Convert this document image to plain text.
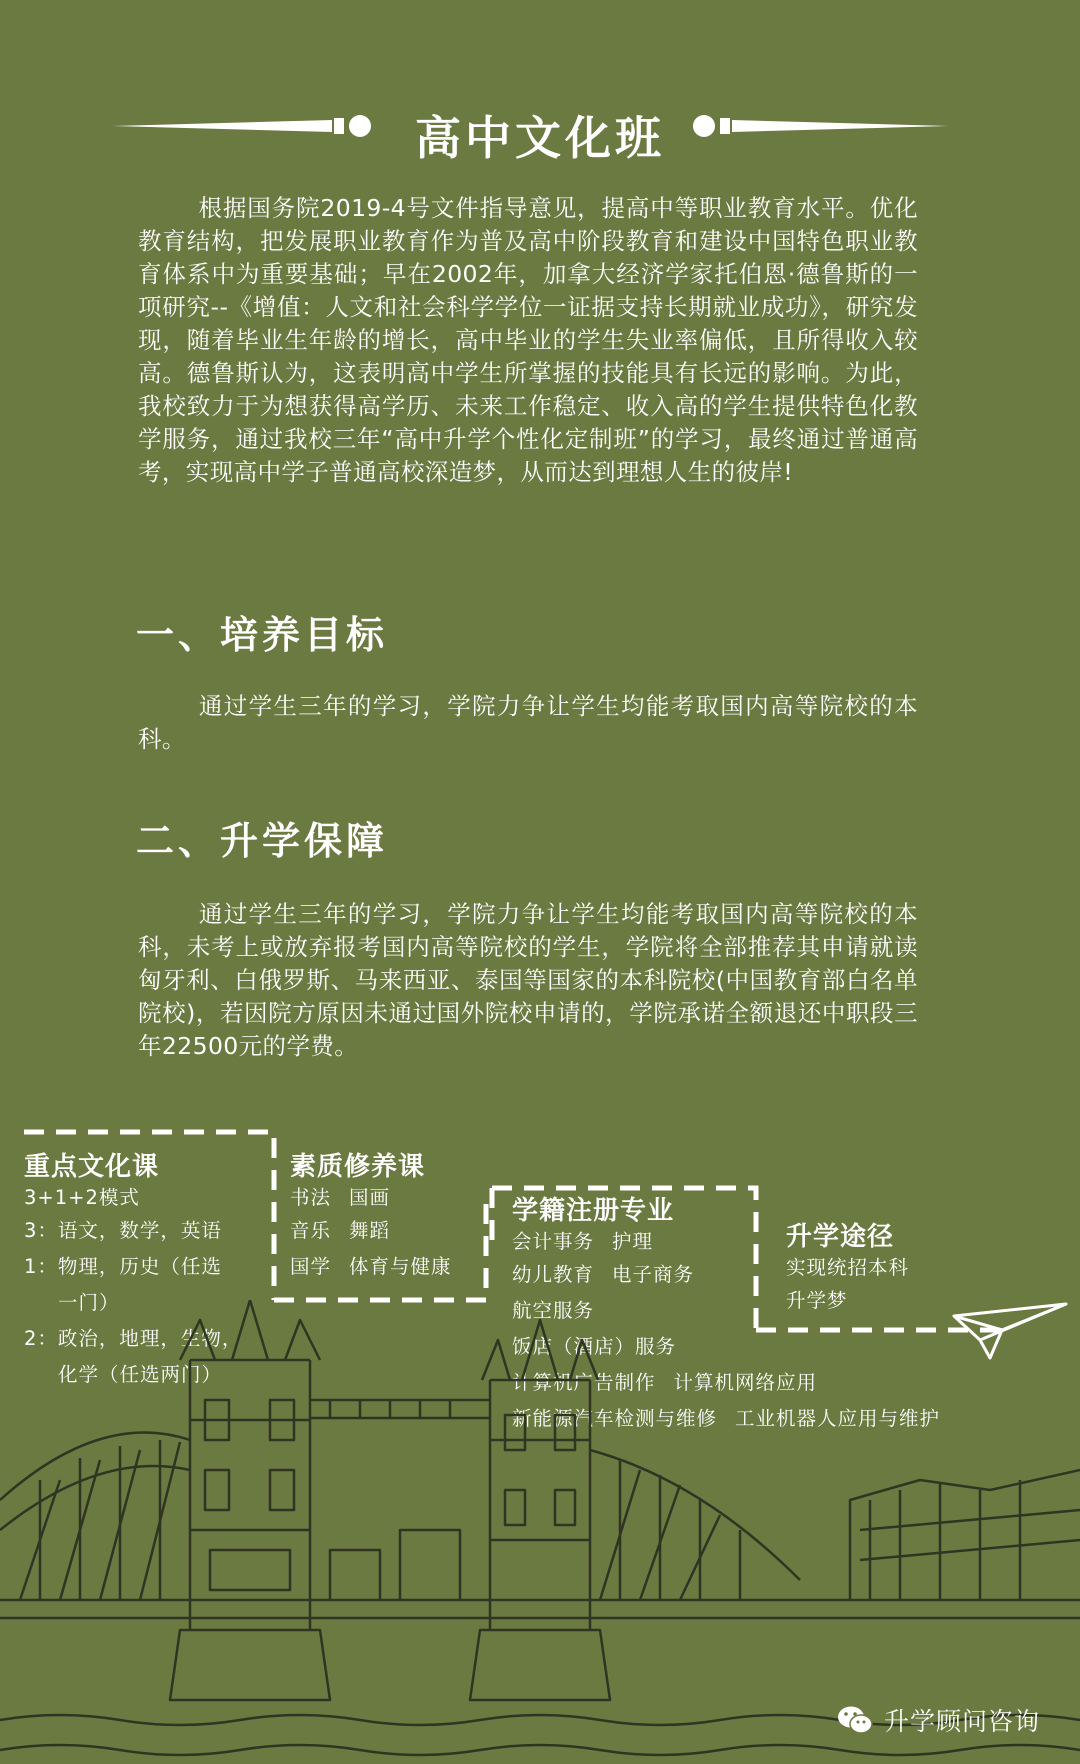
高中文化班
根据国务院2019-4号文件指导意见，提高中等职业教育水平。优化教育结构，把发展职业教育作为普及高中阶段教育和建设中国特色职业教育体系中为重要基础；早在2002年，加拿大经济学家托伯恩·德鲁斯的一项研究--《增值：人文和社会科学学位一证据支持长期就业成功》，研究发现，随着毕业生年龄的增长，高中毕业的学生失业率偏低，且所得收入较高。德鲁斯认为，这表明高中学生所掌握的技能具有长远的影响。为此，我校致力于为想获得高学历、未来工作稳定、收入高的学生提供特色化教学服务，通过我校三年“高中升学个性化定制班”的学习，最终通过普通高考，实现高中学子普通高校深造梦，从而达到理想人生的彼岸!
一、培养目标
通过学生三年的学习，学院力争让学生均能考取国内高等院校的本科。
二、升学保障
通过学生三年的学习，学院力争让学生均能考取国内高等院校的本科，未考上或放弃报考国内高等院校的学生，学院将全部推荐其申请就读匈牙利、白俄罗斯、马来西亚、泰国等国家的本科院校(中国教育部白名单院校)，若因院方原因未通过国外院校申请的，学院承诺全额退还中职段三年22500元的学费。
重点文化课
3+1+2模式
3：语文，数学，英语
1：物理，历史（任选
一门）
2：政治，地理，生物，
化学（任选两门）
素质修养课
书法 国画
音乐 舞蹈
国学 体育与健康
学籍注册专业
会计事务 护理
幼儿教育 电子商务
航空服务
饭店（酒店）服务
计算机广告制作 计算机网络应用
新能源汽车检测与维修 工业机器人应用与维护
升学途径
实现统招本科
升学梦
升学顾问咨询
